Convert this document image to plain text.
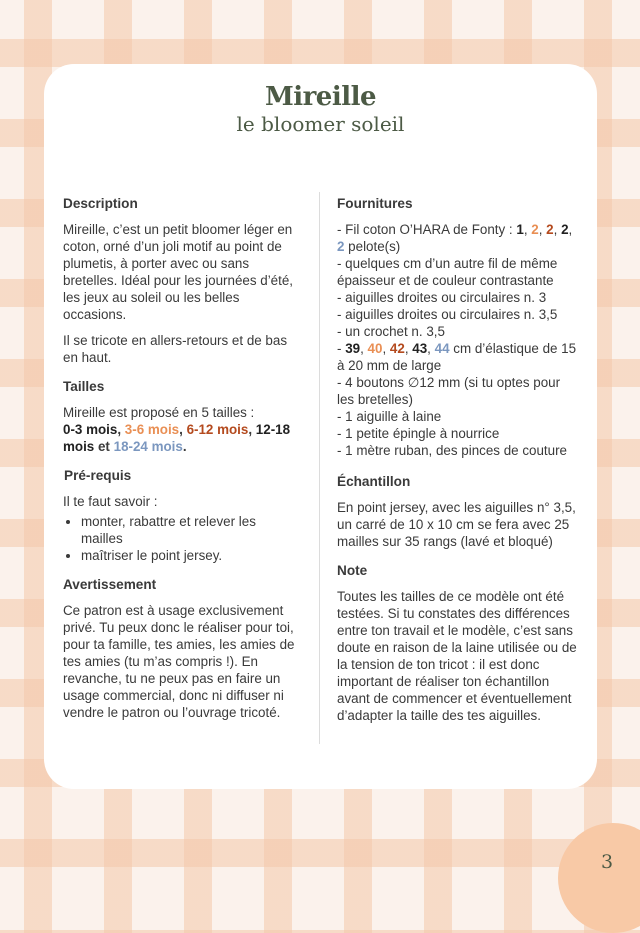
Mireille
le bloomer soleil
Description
Mireille, c’est un petit bloomer léger en coton, orné d’un joli motif au point de plumetis, à porter avec ou sans bretelles. Idéal pour les journées d’été, les jeux au soleil ou les belles occasions.
Il se tricote en allers-retours et de bas en haut.
Tailles
Mireille est proposé en 5 tailles :
0-3 mois, 3-6 mois, 6-12 mois, 12-18 mois et 18-24 mois.
Pré-requis
Il te faut savoir :
• monter, rabattre et relever les mailles
• maîtriser le point jersey.
Avertissement
Ce patron est à usage exclusivement privé. Tu peux donc le réaliser pour toi, pour ta famille, tes amies, les amies de tes amies (tu m’as compris !). En revanche, tu ne peux pas en faire un usage commercial, donc ni diffuser ni vendre le patron ou l’ouvrage tricoté.
Fournitures
- Fil coton O’HARA de Fonty : 1, 2, 2, 2, 2 pelote(s)
- quelques cm d’un autre fil de même épaisseur et de couleur contrastante
- aiguilles droites ou circulaires n. 3
- aiguilles droites ou circulaires n. 3,5
- un crochet n. 3,5
- 39, 40, 42, 43, 44 cm d’élastique de 15 à 20 mm de large
- 4 boutons ∅12 mm (si tu optes pour les bretelles)
- 1 aiguille à laine
- 1 petite épingle à nourrice
- 1 mètre ruban, des pinces de couture
Échantillon
En point jersey, avec les aiguilles n° 3,5, un carré de 10 x 10 cm se fera avec 25 mailles sur 35 rangs (lavé et bloqué)
Note
Toutes les tailles de ce modèle ont été testées. Si tu constates des différences entre ton travail et le modèle, c’est sans doute en raison de la laine utilisée ou de la tension de ton tricot : il est donc important de réaliser ton échantillon avant de commencer et éventuellement d’adapter la taille des tes aiguilles.
3
